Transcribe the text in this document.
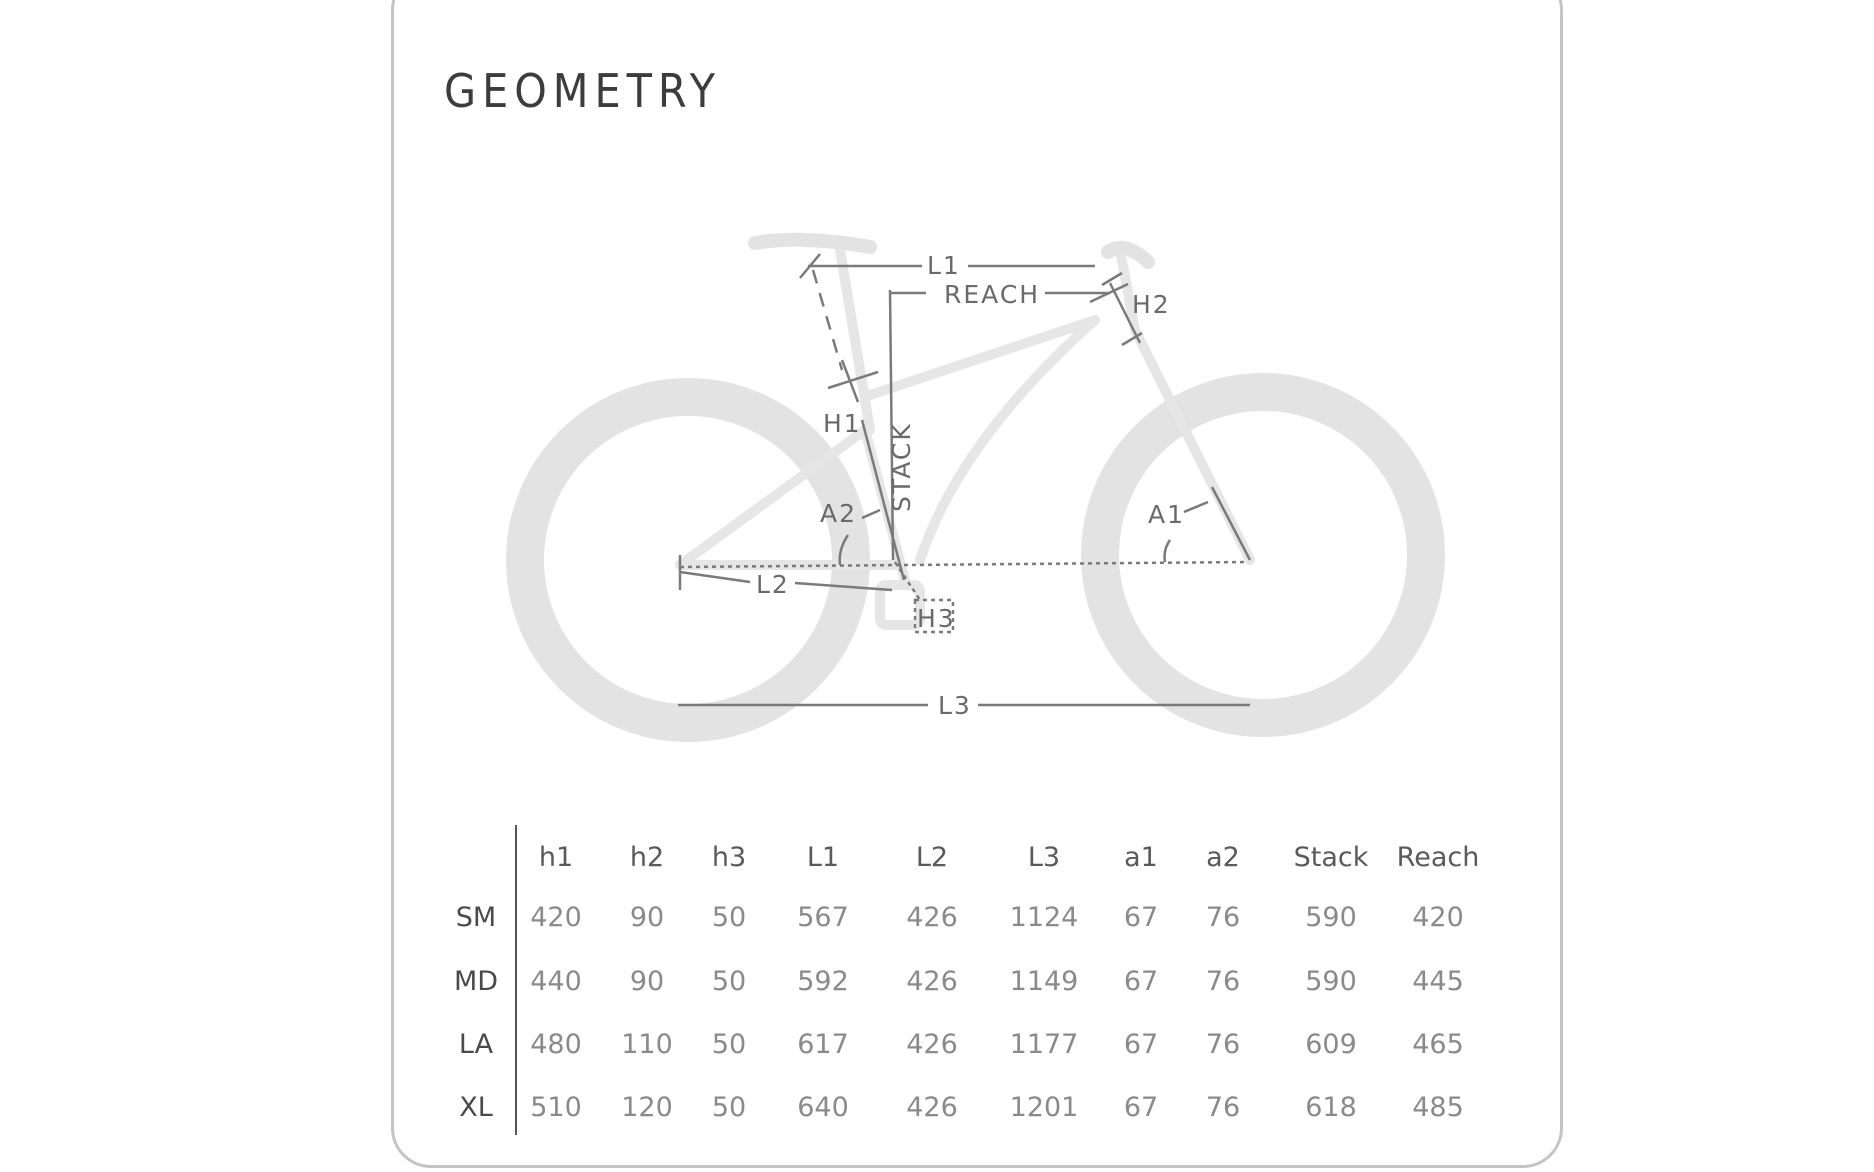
GEOMETRY
L1
REACH	H2
H1 STACK
A2	A1
L2
H3
L3
h1 h2 h3 L1	L2	L3 a1 a2 Stack Reach
SM 420 90 50 567 426 1124 67 76 590 420
MD 440 90 50 592 426 1149 67 76 590 445
LA 480 110 50 617 426 1177 67 76 609 465
XL 510 120 50 640 426 1201 67 76 618 485
